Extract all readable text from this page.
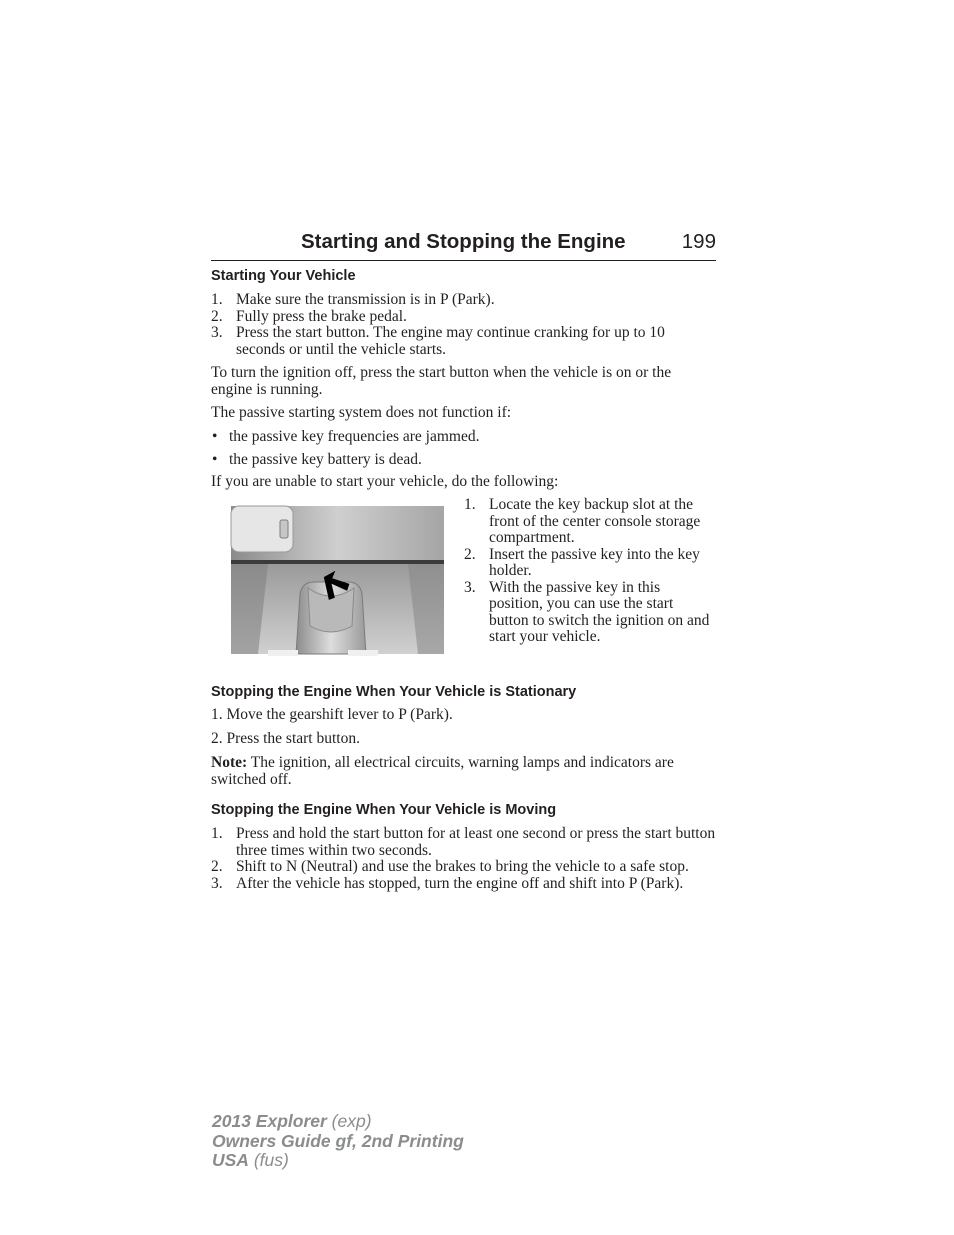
Starting and Stopping the Engine	199
Starting Your Vehicle
1. Make sure the transmission is in P (Park).
2. Fully press the brake pedal.
3. Press the start button. The engine may continue cranking for up to 10 seconds or until the vehicle starts.
To turn the ignition off, press the start button when the vehicle is on or the engine is running.
The passive starting system does not function if:
• the passive key frequencies are jammed.
• the passive key battery is dead.
If you are unable to start your vehicle, do the following:
1. Locate the key backup slot at the front of the center console storage compartment.
2. Insert the passive key into the key holder.
3. With the passive key in this position, you can use the start button to switch the ignition on and start your vehicle.
Stopping the Engine When Your Vehicle is Stationary
1. Move the gearshift lever to P (Park).
2. Press the start button.
Note: The ignition, all electrical circuits, warning lamps and indicators are switched off.
Stopping the Engine When Your Vehicle is Moving
1. Press and hold the start button for at least one second or press the start button three times within two seconds.
2. Shift to N (Neutral) and use the brakes to bring the vehicle to a safe stop.
3. After the vehicle has stopped, turn the engine off and shift into P (Park).
2013 Explorer (exp)
Owners Guide gf, 2nd Printing
USA (fus)
